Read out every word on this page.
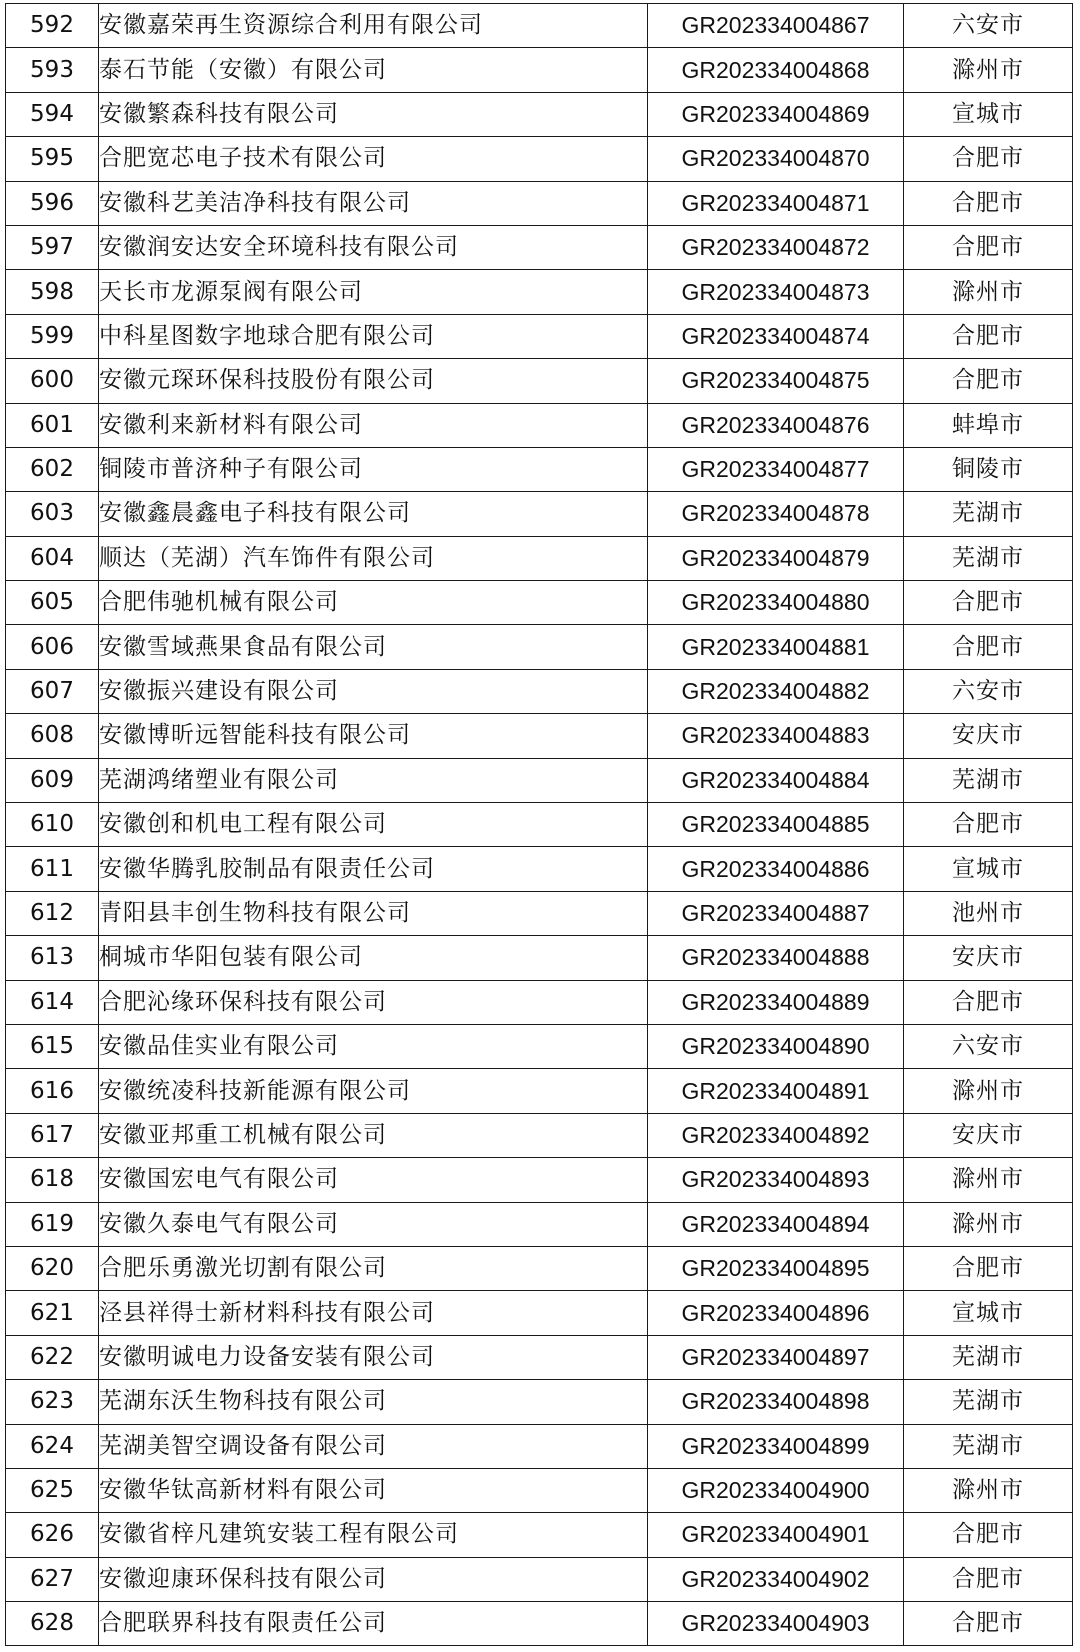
592	安徽嘉荣再生资源综合利用有限公司	GR202334004867	六安市
593	泰石节能（安徽）有限公司	GR202334004868	滁州市
594	安徽繁森科技有限公司	GR202334004869	宣城市
595	合肥宽芯电子技术有限公司	GR202334004870	合肥市
596	安徽科艺美洁净科技有限公司	GR202334004871	合肥市
597	安徽润安达安全环境科技有限公司	GR202334004872	合肥市
598	天长市龙源泵阀有限公司	GR202334004873	滁州市
599	中科星图数字地球合肥有限公司	GR202334004874	合肥市
600	安徽元琛环保科技股份有限公司	GR202334004875	合肥市
601	安徽利来新材料有限公司	GR202334004876	蚌埠市
602	铜陵市普济种子有限公司	GR202334004877	铜陵市
603	安徽鑫晨鑫电子科技有限公司	GR202334004878	芜湖市
604	顺达（芜湖）汽车饰件有限公司	GR202334004879	芜湖市
605	合肥伟驰机械有限公司	GR202334004880	合肥市
606	安徽雪域燕果食品有限公司	GR202334004881	合肥市
607	安徽振兴建设有限公司	GR202334004882	六安市
608	安徽博昕远智能科技有限公司	GR202334004883	安庆市
609	芜湖鸿绪塑业有限公司	GR202334004884	芜湖市
610	安徽创和机电工程有限公司	GR202334004885	合肥市
611	安徽华腾乳胶制品有限责任公司	GR202334004886	宣城市
612	青阳县丰创生物科技有限公司	GR202334004887	池州市
613	桐城市华阳包装有限公司	GR202334004888	安庆市
614	合肥沁缘环保科技有限公司	GR202334004889	合肥市
615	安徽品佳实业有限公司	GR202334004890	六安市
616	安徽统凌科技新能源有限公司	GR202334004891	滁州市
617	安徽亚邦重工机械有限公司	GR202334004892	安庆市
618	安徽国宏电气有限公司	GR202334004893	滁州市
619	安徽久泰电气有限公司	GR202334004894	滁州市
620	合肥乐勇激光切割有限公司	GR202334004895	合肥市
621	泾县祥得士新材料科技有限公司	GR202334004896	宣城市
622	安徽明诚电力设备安装有限公司	GR202334004897	芜湖市
623	芜湖东沃生物科技有限公司	GR202334004898	芜湖市
624	芜湖美智空调设备有限公司	GR202334004899	芜湖市
625	安徽华钛高新材料有限公司	GR202334004900	滁州市
626	安徽省梓凡建筑安装工程有限公司	GR202334004901	合肥市
627	安徽迎康环保科技有限公司	GR202334004902	合肥市
628	合肥联界科技有限责任公司	GR202334004903	合肥市
